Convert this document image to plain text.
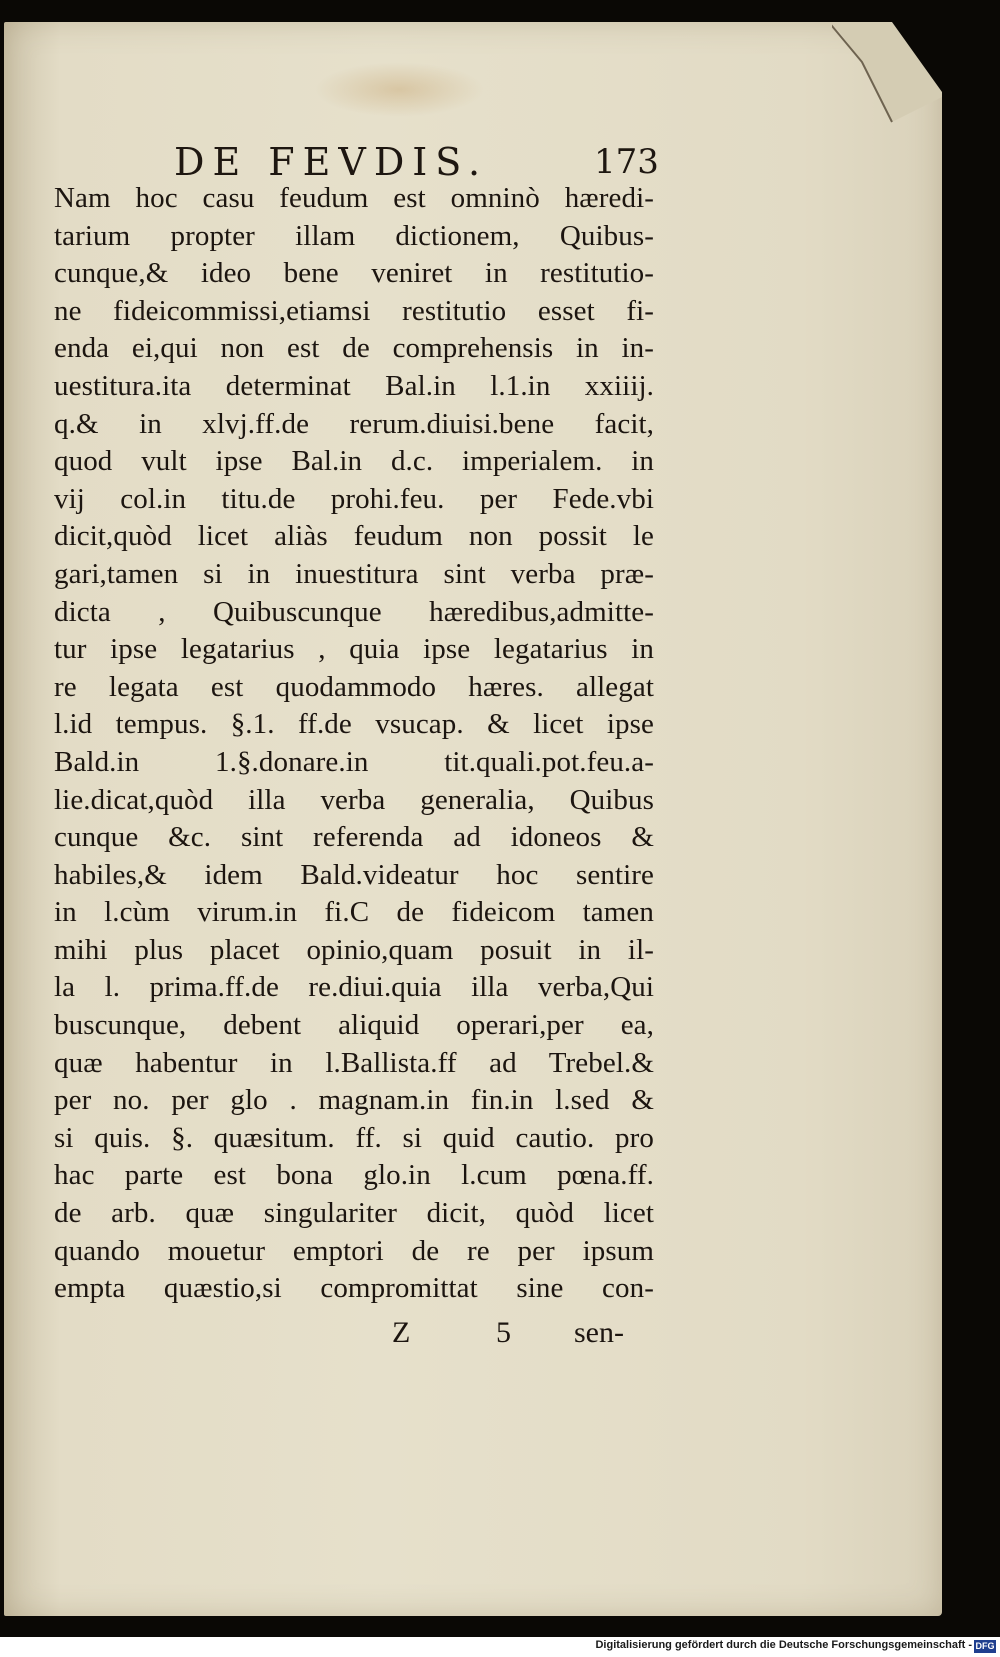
DE FEVDIS.	173
Nam hoc casu feudum est omninò hæredi-
tarium propter illam dictionem, Quibus-
cunque,& ideo bene veniret in restitutio-
ne fideicommissi,etiamsi restitutio esset fi-
enda ei,qui non est de comprehensis in in-
uestitura.ita determinat Bal.in l.1.in xxiiij.
q.& in xlvj.ff.de rerum.diuisi.bene facit,
quod vult ipse Bal.in d.c. imperialem. in
vij col.in titu.de prohi.feu. per Fede.vbi
dicit,quòd licet aliàs feudum non possit le
gari,tamen si in inuestitura sint verba præ-
dicta , Quibuscunque hæredibus,admitte-
tur ipse legatarius , quia ipse legatarius in
re legata est quodammodo hæres. allegat
l.id tempus. §.1. ff.de vsucap. & licet ipse
Bald.in 1.§.donare.in tit.quali.pot.feu.a-
lie.dicat,quòd illa verba generalia, Quibus
cunque &c. sint referenda ad idoneos &
habiles,& idem Bald.videatur hoc sentire
in l.cùm virum.in fi.C de fideicom tamen
mihi plus placet opinio,quam posuit in il-
la l. prima.ff.de re.diui.quia illa verba,Qui
buscunque, debent aliquid operari,per ea,
quæ habentur in l.Ballista.ff ad Trebel.&
per no. per glo . magnam.in fin.in l.sed &
si quis. §. quæsitum. ff. si quid cautio. pro
hac parte est bona glo.in l.cum pœna.ff.
de arb. quæ singulariter dicit, quòd licet
quando mouetur emptori de re per ipsum
empta quæstio,si compromittat sine con-
Z	5 sen-
Digitalisierung gefördert durch die Deutsche Forschungsgemeinschaft - DFG
